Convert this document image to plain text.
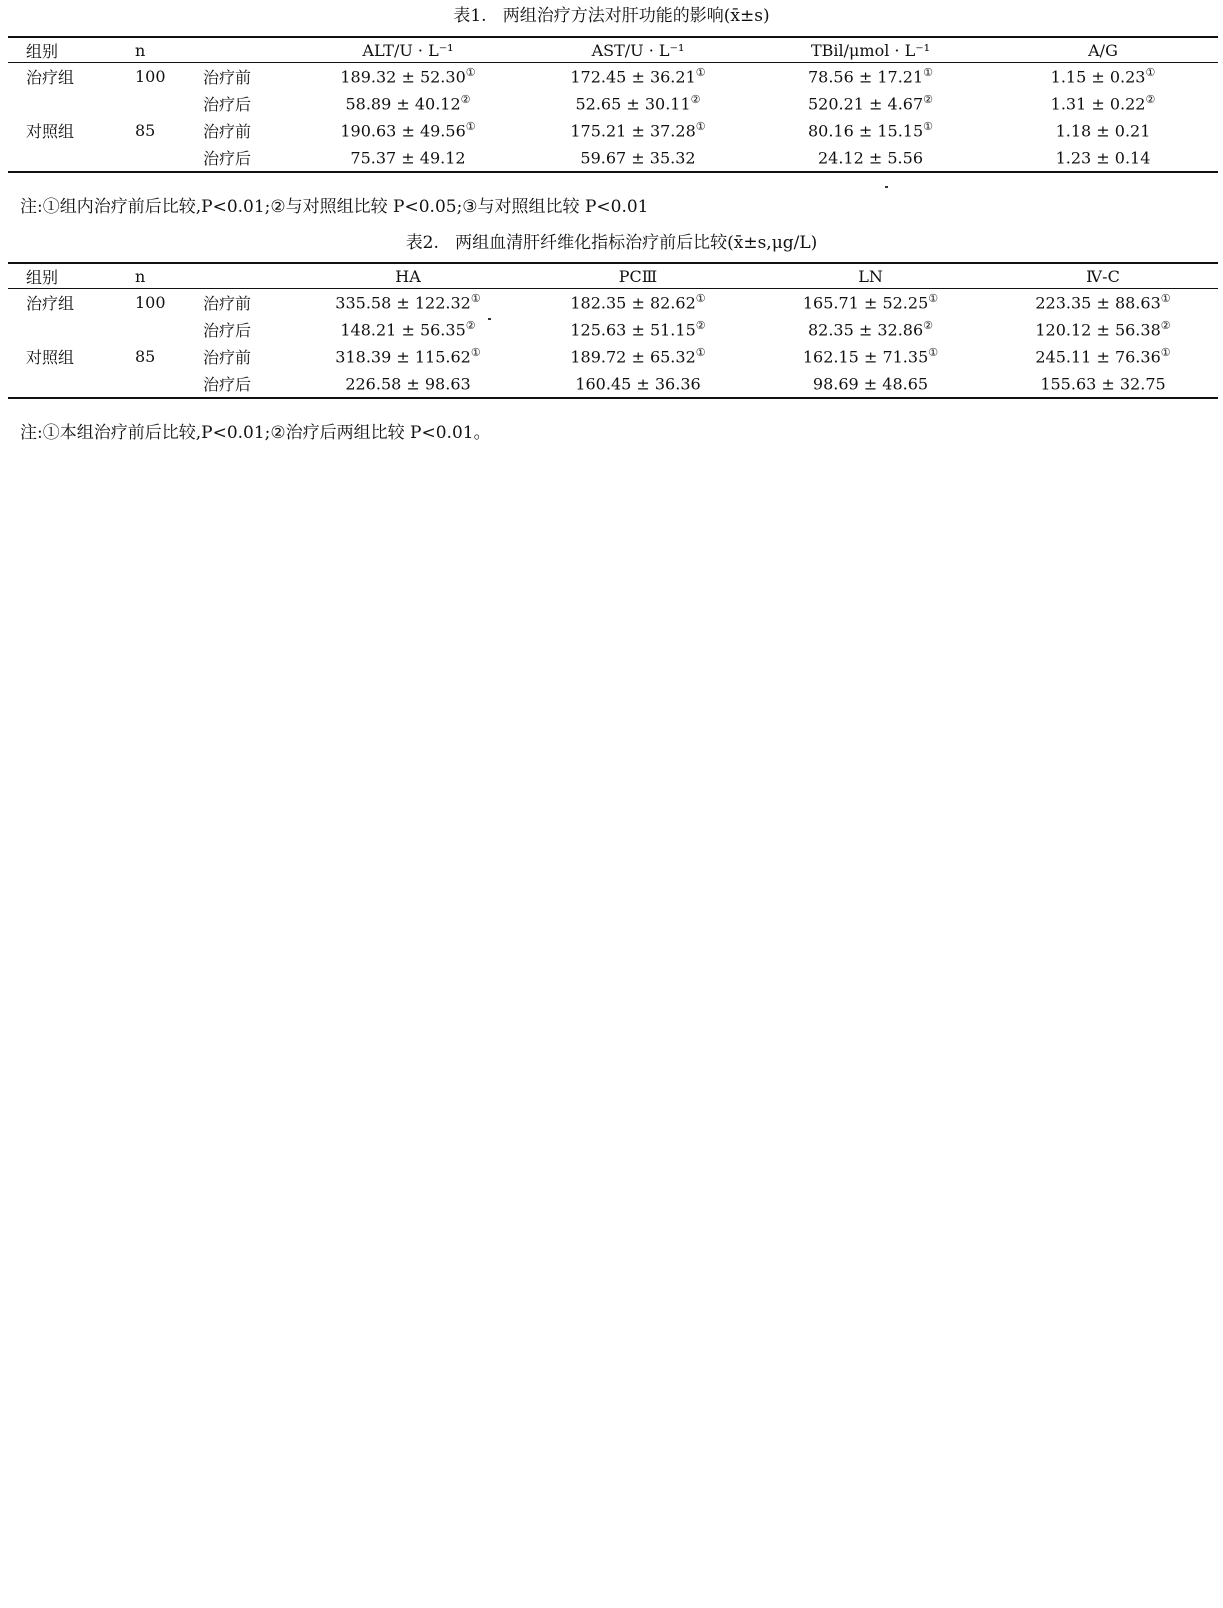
表1.   两组治疗方法对肝功能的影响(x̄±s)
组别	n		ALT/U · L⁻¹	AST/U · L⁻¹	TBil/μmol · L⁻¹	A/G
治疗组	100	治疗前	189.32 ± 52.30①	172.45 ± 36.21①	78.56 ± 17.21①	1.15 ± 0.23①
		治疗后	58.89 ± 40.12②	52.65 ± 30.11②	520.21 ± 4.67②	1.31 ± 0.22②
对照组	85	治疗前	190.63 ± 49.56①	175.21 ± 37.28①	80.16 ± 15.15①	1.18 ± 0.21
		治疗后	75.37 ± 49.12	59.67 ± 35.32	24.12 ± 5.56	1.23 ± 0.14
注:①组内治疗前后比较,P<0.01;②与对照组比较 P<0.05;③与对照组比较 P<0.01
表2.   两组血清肝纤维化指标治疗前后比较(x̄±s,μg/L)
组别	n		HA	PCⅢ	LN	Ⅳ-C
治疗组	100	治疗前	335.58 ± 122.32①	182.35 ± 82.62①	165.71 ± 52.25①	223.35 ± 88.63①
		治疗后	148.21 ± 56.35②	125.63 ± 51.15②	82.35 ± 32.86②	120.12 ± 56.38②
对照组	85	治疗前	318.39 ± 115.62①	189.72 ± 65.32①	162.15 ± 71.35①	245.11 ± 76.36①
		治疗后	226.58 ± 98.63	160.45 ± 36.36	98.69 ± 48.65	155.63 ± 32.75
注:①本组治疗前后比较,P<0.01;②治疗后两组比较 P<0.01。
